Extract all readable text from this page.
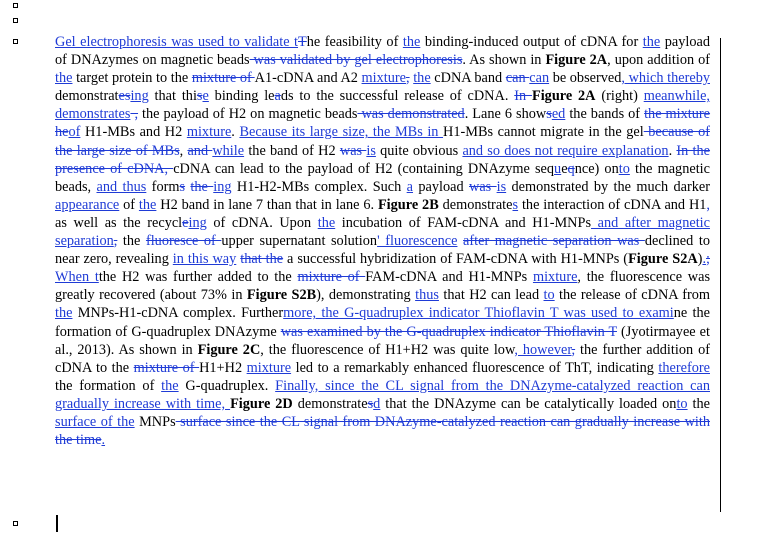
Gel electrophoresis was used to validate tThe feasibility of the binding-induced output of cDNA for the payload of DNAzymes on magnetic beads was validated by gel electrophoresis. As shown in Figure 2A, upon addition of the target protein to the mixture of A1-cDNA and A2 mixture, the cDNA band can can be observed, which thereby demonstratesing that thise binding leads to the successful release of cDNA. In Figure 2A (right) meanwhile, demonstrates , the payload of H2 on magnetic beads was demonstrated. Lane 6 showsed the bands of the mixture heof H1-MBs and H2 mixture. Because its large size, the MBs in H1-MBs cannot migrate in the gel because of the large size of MBs, and while the band of H2 was is quite obvious and so does not require explanation. In the presence of cDNA, cDNA can lead to the payload of H2 (containing DNAzyme sequeqnce) onto the magnetic beads, and thus forms the ing H1-H2-MBs complex. Such a payload was is demonstrated by the much darker appearance of the H2 band in lane 7 than that in lane 6. Figure 2B demonstrates the interaction of cDNA and H1, as well as the recycleing of cDNA. Upon the incubation of FAM-cDNA and H1-MNPs and after magnetic separation, the fluoresce of upper supernatant solution' fluorescence after magnetic separation was declined to near zero, revealing in this way that the a successful hybridization of FAM-cDNA with H1-MNPs (Figure S2A).; When tthe H2 was further added to the mixture of FAM-cDNA and H1-MNPs mixture, the fluorescence was greatly recovered (about 73% in Figure S2B), demonstrating thus that H2 can lead to the release of cDNA from the MNPs-H1-cDNA complex. Furthermore, the G-quadruplex indicator Thioflavin T was used to examine the formation of G-quadruplex DNAzyme was examined by the G-quadruplex indicator Thioflavin T (Jyotirmayee et al., 2013). As shown in Figure 2C, the fluorescence of H1+H2 was quite low, however, the further addition of cDNA to the mixture of H1+H2 mixture led to a remarkably enhanced fluorescence of ThT, indicating therefore the formation of the G-quadruplex. Finally, since the CL signal from the DNAzyme-catalyzed reaction can gradually increase with time, Figure 2D demonstratesd that the DNAzyme can be catalytically loaded onto the surface of the MNPs surface since the CL signal from DNAzyme-catalyzed reaction can gradually increase with the time.
